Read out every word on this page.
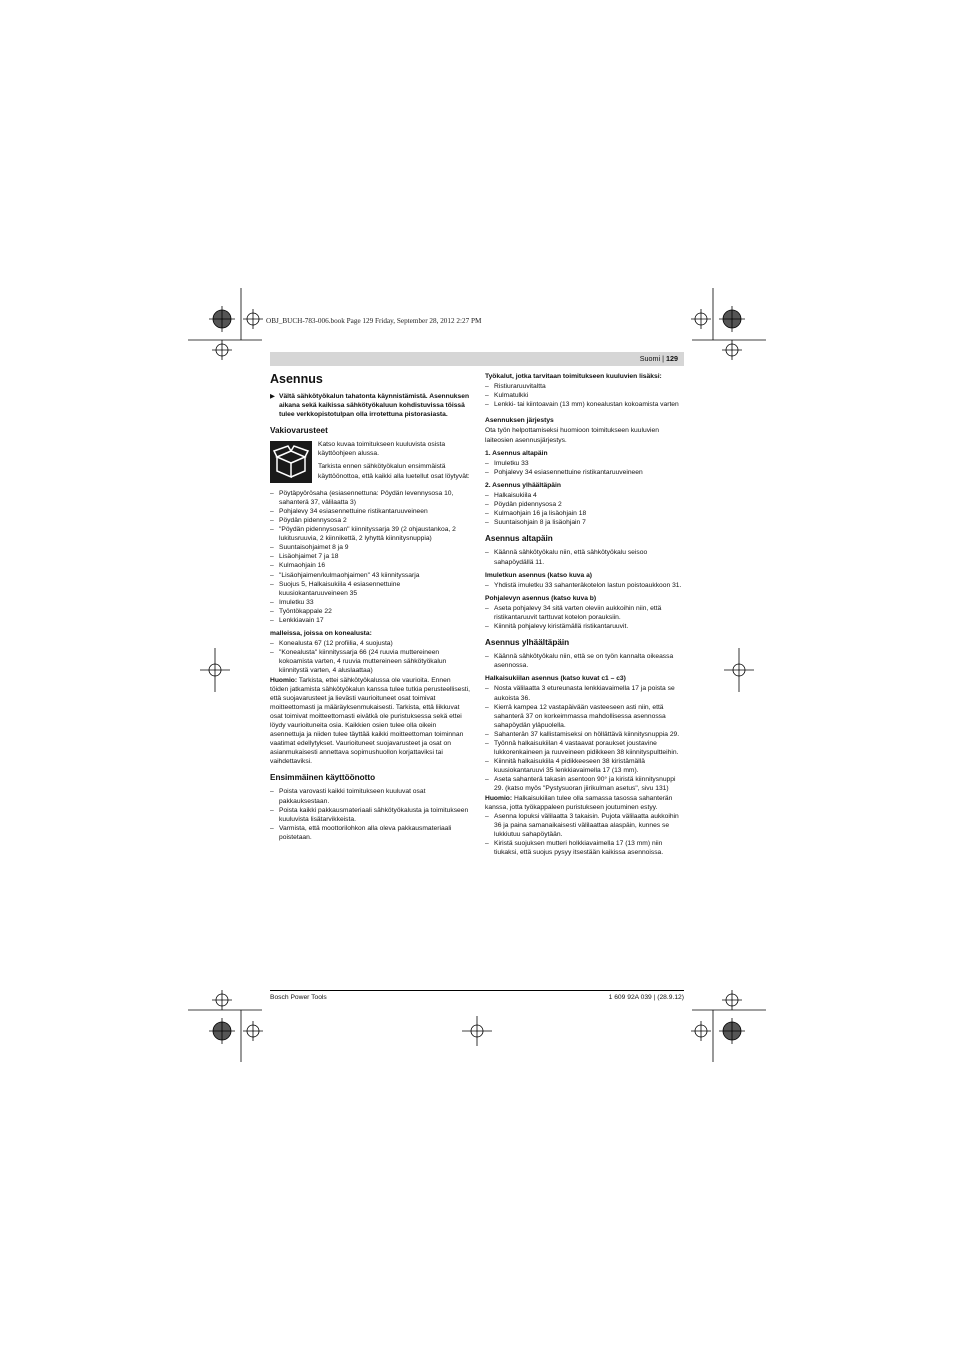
OBJ_BUCH-783-006.book Page 129 Friday, September 28, 2012 2:27 PM
Suomi | 129
Asennus
▶ Vältä sähkötyökalun tahatonta käynnistämistä. Asennuksen aikana sekä kaikissa sähkötyökaluun kohdistuvissa töissä tulee verkkopistotulpan olla irrotettuna pistorasiasta.
Vakiovarusteet

Katso kuvaa toimitukseen kuuluvista osista käyttöohjeen alussa.

Tarkista ennen sähkötyökalun ensimmäistä käyttöönottoa, että kaikki alla luetellut osat löytyvät:

– Pöytäpyörösaha (esiasennettuna: Pöydän levennysosa 10, sahanterä 37, välilaatta 3)
– Pohjalevy 34 esiasennettuine ristikantaruuveineen
– Pöydän pidennysosa 2
– "Pöydän pidennysosan" kiinnityssarja 39 (2 ohjaustankoa, 2 lukitusruuvia, 2 kiinnikettä, 2 lyhyttä kiinnitysnuppia)
– Suuntaisohjaimet 8 ja 9
– Lisäohjaimet 7 ja 18
– Kulmaohjain 16
– "Lisäohjaimen/kulmaohjaimen" 43 kiinnityssarja
– Suojus 5, Halkaisukiila 4 esiasennettuine kuusiokantaruuveineen 35
– Imuletku 33
– Työntökappale 22
– Lenkkiavain 17
malleissa, joissa on konealusta:
– Konealusta 67 (12 profiilia, 4 suojusta)
– "Konealusta" kiinnityssarja 66 (24 ruuvia muttereineen kokoamista varten, 4 ruuvia muttereineen sähkötyökalun kiinnitystä varten, 4 aluslaattaa)

Huomio: Tarkista, ettei sähkötyökalussa ole vaurioita. Ennen töiden jatkamista sähkötyökalun kanssa tulee tutkia perusteellisesti, että suojavarusteet ja lievästi vaurioituneet osat toimivat moitteettomasti ja määräyksenmukaisesti. Tarkista, että liikkuvat osat toimivat moitteettomasti eivätkä ole puristuksessa sekä ettei löydy vaurioituneita osia. Kaikkien osien tulee olla oikein asennettuja ja niiden tulee täyttää kaikki moitteettoman toiminnan vaatimat edellytykset. Vaurioituneet suojavarusteet ja osat on asianmukaisesti annettava sopimushuollon korjattaviksi tai vaihdettaviksi.

Ensimmäinen käyttöönotto
– Poista varovasti kaikki toimitukseen kuuluvat osat pakkauksestaan.
– Poista kaikki pakkausmateriaali sähkötyökalusta ja toimitukseen kuuluvista lisätarvikkeista.
– Varmista, että moottorilohkon alla oleva pakkausmateriaali poistetaan.
Työkalut, jotka tarvitaan toimitukseen kuuluvien lisäksi:
– Ristiuraruuvitaltta
– Kulmatulkki
– Lenkki- tai kiintoavain (13 mm) konealustan kokoamista varten
Asennuksen järjestys

Ota työn helpottamiseksi huomioon toimitukseen kuuluvien laiteosien asennusjärjestys.

1. Asennus altapäin
– Imuletku 33
– Pohjalevy 34 esiasennettuine ristikantaruuveineen
2. Asennus ylhäältäpäin
– Halkaisukiila 4
– Pöydän pidennysosa 2
– Kulmaohjain 16 ja lisäohjain 18
– Suuntaisohjain 8 ja lisäohjain 7
Asennus altapäin
– Käännä sähkötyökalu niin, että sähkötyökalu seisoo sahapöydällä 11.
Imuletkun asennus (katso kuva a)
– Yhdistä imuletku 33 sahanteräkotelon lastun poistoaukkoon 31.
Pohjalevyn asennus (katso kuva b)
– Aseta pohjalevy 34 sitä varten oleviin aukkoihin niin, että ristikantaruuvit tarttuvat kotelon porauksiin.
– Kiinnitä pohjalevy kiristämällä ristikantaruuvit.
Asennus ylhäältäpäin
– Käännä sähkötyökalu niin, että se on työn kannalta oikeassa asennossa.
Halkaisukiilan asennus (katso kuvat c1 – c3)
– Nosta välilaatta 3 etureunasta lenkkiavaimella 17 ja poista se aukoista 36.
– Kierrä kampea 12 vastapäivään vasteeseen asti niin, että sahanterä 37 on korkeimmassa mahdollisessa asennossa sahapöydän yläpuolella.
– Sahanterän 37 kallistamiseksi on höllättävä kiinnitysnuppia 29.
– Työnnä halkaisukiilan 4 vastaavat poraukset joustavine lukkorenkaineen ja ruuveineen pidikkeen 38 kiinnityspultteihin.
– Kiinnitä halkaisukiila 4 pidikkeeseen 38 kiristämällä kuusiokantaruuvi 35 lenkkiavaimella 17 (13 mm).
– Aseta sahanterä takasin asentoon 90° ja kiristä kiinnitysnuppi 29. (katso myös "Pystysuoran jiirikulman asetus", sivu 131)

Huomio: Halkaisukiilan tulee olla samassa tasossa sahanterän kanssa, jotta työkappaleen puristukseen joutuminen estyy.

– Asenna lopuksi välilaatta 3 takaisin. Pujota välilaatta aukkoihin 36 ja paina samanaikaisesti välilaattaa alaspäin, kunnes se lukkiutuu sahapöytään.
– Kiristä suojuksen mutteri holkkiavaimella 17 (13 mm) niin tiukaksi, että suojus pysyy itsestään kaikissa asennoissa.
Bosch Power Tools	1 609 92A 039 | (28.9.12)
